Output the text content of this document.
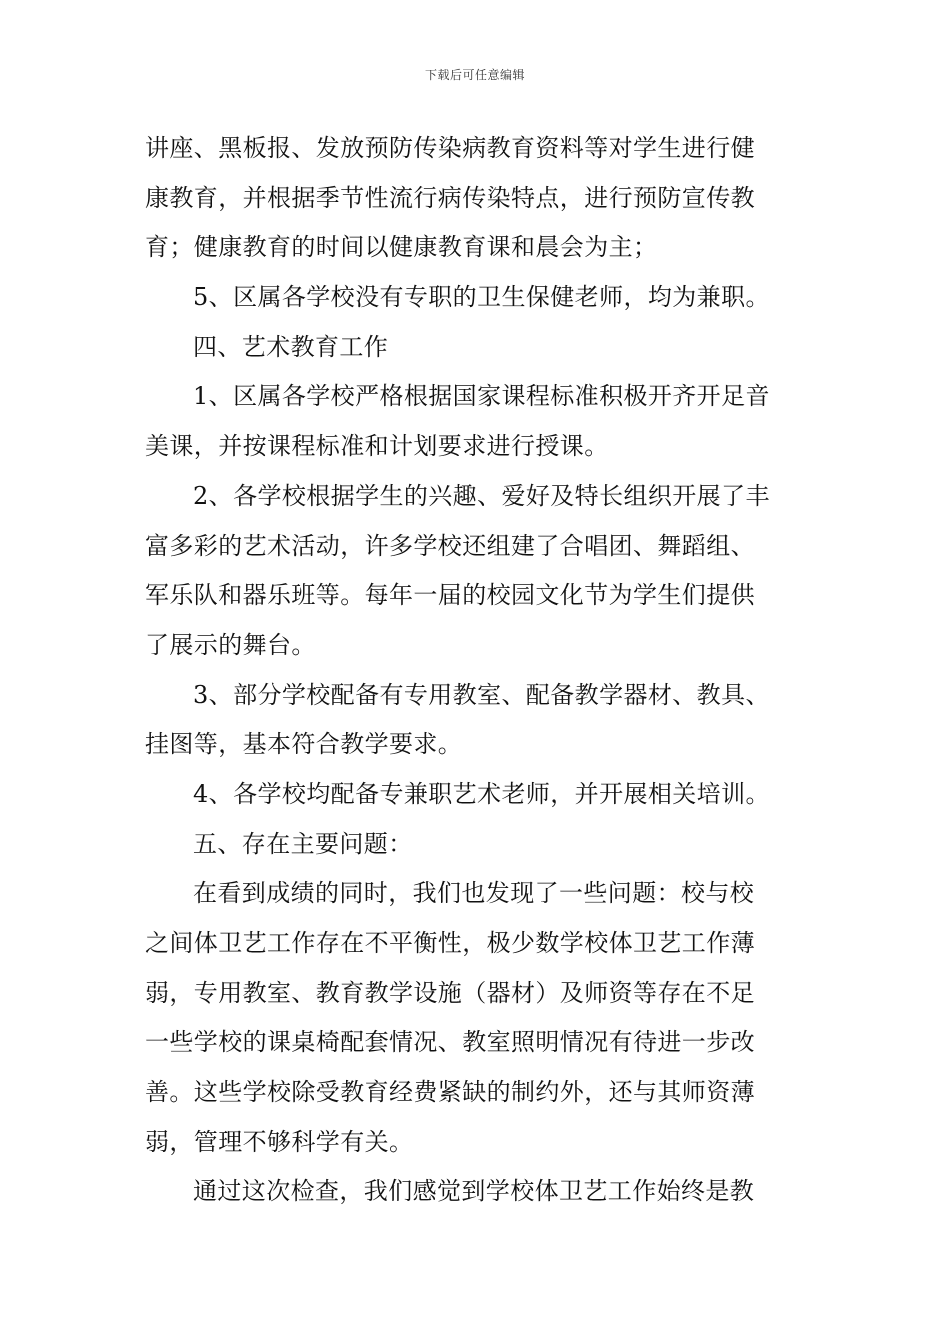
下载后可任意编辑
讲座、黑板报、发放预防传染病教育资料等对学生进行健
康教育，并根据季节性流行病传染特点，进行预防宣传教
育；健康教育的时间以健康教育课和晨会为主；
5、区属各学校没有专职的卫生保健老师，均为兼职。
四、艺术教育工作
1、区属各学校严格根据国家课程标准积极开齐开足音
美课，并按课程标准和计划要求进行授课。
2、各学校根据学生的兴趣、爱好及特长组织开展了丰
富多彩的艺术活动，许多学校还组建了合唱团、舞蹈组、
军乐队和器乐班等。每年一届的校园文化节为学生们提供
了展示的舞台。
3、部分学校配备有专用教室、配备教学器材、教具、
挂图等，基本符合教学要求。
4、各学校均配备专兼职艺术老师，并开展相关培训。
五、存在主要问题：
在看到成绩的同时，我们也发现了一些问题：校与校
之间体卫艺工作存在不平衡性，极少数学校体卫艺工作薄
弱，专用教室、教育教学设施（器材）及师资等存在不足
一些学校的课桌椅配套情况、教室照明情况有待进一步改
善。这些学校除受教育经费紧缺的制约外，还与其师资薄
弱，管理不够科学有关。
通过这次检查，我们感觉到学校体卫艺工作始终是教
